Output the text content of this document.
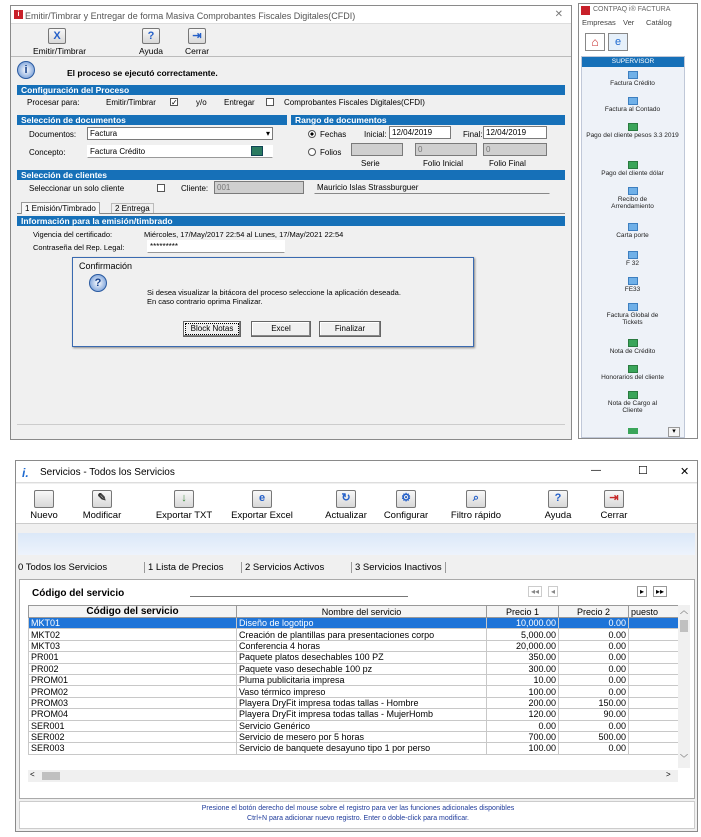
i Emitir/Timbrar y Entregar de forma Masiva Comprobantes Fiscales Digitales(CFDI)	✕
X
Emitir/Timbrar
?
Ayuda
⇥
Cerrar
i	El proceso se ejecutó correctamente.
Configuración del Proceso
Procesar para:	Emitir/Timbrar ✓ y/o Entregar	Comprobantes Fiscales Digitales(CFDI)
Selección de documentos	Rango de documentos
Documentos:	Factura	▾
Concepto:	Factura Crédito
Fechas Inicial: 12/04/2019	Final: 12/04/2019
Folios	0	0
Serie	Folio Inicial	Folio Final
Selección de clientes
Seleccionar un solo cliente	Cliente:	001	Mauricio Islas Strassburguer
1 Emisión/Timbrado	2 Entrega
Información para la emisión/timbrado
Vigencia del certificado:	Miércoles, 17/May/2017 22:54 al Lunes, 17/May/2021 22:54
Contraseña del Rep. Legal:	*********
Confirmación
?
Si desea visualizar la bitácora del proceso seleccione la aplicación deseada.
En caso contrario oprima Finalizar.
Block Notas	Excel	Finalizar
CONTPAQ i® FACTURA
Empresas Ver Catálog
⌂	e
SUPERVISOR
Factura Crédito
Factura al Contado
Pago del cliente pesos 3.3 2019
Pago del cliente dólar
Recibo de Arrendamiento
Carta porte
F 32
FE33
Factura Global de Tickets
Nota de Crédito
Honorarios del cliente
Nota de Cargo al Cliente
▾
i. Servicios - Todos los Servicios	—	☐	✕
Nuevo
✎
Modificar
↓
Exportar TXT
e
Exportar Excel
↻
Actualizar
⚙
Configurar
⌕
Filtro rápido
?
Ayuda
⇥
Cerrar
0 Todos los Servicios	1 Lista de Precios	2 Servicios Activos	3 Servicios Inactivos
Código del servicio	◂◂	◂	▸	▸▸
Código del servicio	Nombre del servicio	Precio 1	Precio 2	puesto
MKT01	Diseño de logotipo	10,000.00	0.00	
MKT02	Creación de plantillas para presentaciones corpo	5,000.00	0.00	
MKT03	Conferencia 4 horas	20,000.00	0.00	
PR001	Paquete platos desechables 100 PZ	350.00	0.00	
PR002	Paquete vaso desechable 100 pz	300.00	0.00	
PROM01	Pluma publicitaria impresa	10.00	0.00	
PROM02	Vaso térmico impreso	100.00	0.00	
PROM03	Playera DryFit impresa todas tallas - Hombre	200.00	150.00	
PROM04	Playera DryFit impresa todas tallas - MujerHomb	120.00	90.00	
SER001	Servicio Genérico	0.00	0.00	
SER002	Servicio de mesero por 5 horas	700.00	500.00	
SER003	Servicio de banquete desayuno tipo 1 por perso	100.00	0.00	
︿
﹀
<	>
Presione el botón derecho del mouse sobre el registro para ver las funciones adicionales disponibles
Ctrl+N para adicionar nuevo registro. Enter o doble-click para modificar.
